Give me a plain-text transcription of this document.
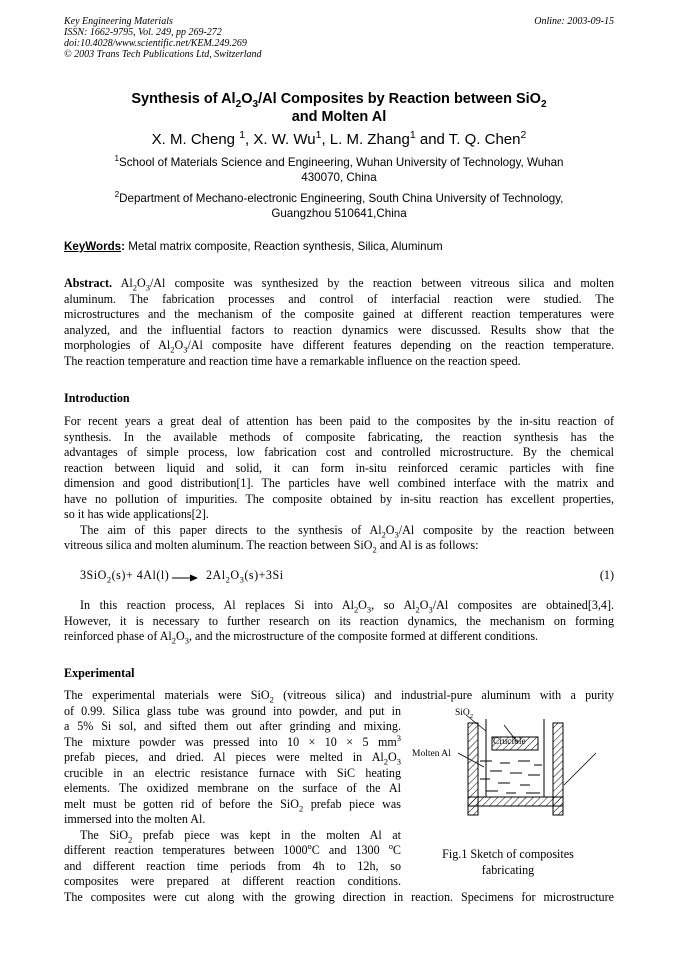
Key Engineering Materials
ISSN: 1662-9795, Vol. 249, pp 269-272
doi:10.4028/www.scientific.net/KEM.249.269
© 2003 Trans Tech Publications Ltd, Switzerland
Online: 2003-09-15
Synthesis of $Al_2O_3/Al$ Composites by Reaction between SiO$_2$
and Molten Al
X. M. Cheng $^1$, X. W. Wu$^1$, L. M. Zhang$^1$ and T. Q. Chen$^2$
$^1$School of Materials Science and Engineering, Wuhan University of Technology, Wuhan
430070, China
$^2$Department of Mechano-electronic Engineering, South China University of Technology,
Guangzhou 510641,China
KeyWords: Metal matrix composite, Reaction synthesis, Silica, Aluminum
Abstract. $Al_2O_3/Al$ composite was synthesized by the reaction between vitreous silica and molten
aluminum. The fabrication processes and control of interfacial reaction were studied. The
microstructures and the mechanism of the composite gained at different reaction temperatures were
analyzed, and the influential factors to reaction dynamics were discussed. Results show that the
morphologies of $Al_2O_3/Al$ composite have different features depending on the reaction temperature.
The reaction temperature and reaction time have a remarkable influence on the reaction speed.
Introduction
For recent years a great deal of attention has been paid to the composites by the in-situ reaction of
synthesis. In the available methods of composite fabricating, the reaction synthesis has the
advantages of simple process, low fabrication cost and controlled microstructure. By the chemical
reaction between liquid and solid, it can form in-situ reinforced ceramic particles with fine
dimension and good distribution[1]. The particles have well combined interface with the matrix and
have no pollution of impurities. The composite obtained by in-situ reaction has excellent properties,
so it has wide applications[2].
The aim of this paper directs to the synthesis of $Al_2O_3/Al$ composite by the reaction between
vitreous silica and molten aluminum. The reaction between SiO$_2$ and Al is as follows:
$3SiO_2(s)+ 4Al(l) \to 2Al_2O_3(s)+3Si$	(1)
In this reaction process, Al replaces Si into $Al_2O_3$, so $Al_2O_3/Al$ composites are obtained[3,4].
However, it is necessary to further research on its reaction dynamics, the mechanism on forming
reinforced phase of $Al_2O_3$, and the microstructure of the composite formed at different conditions.
Experimental
The experimental materials were SiO$_2$ (vitreous silica) and industrial-pure aluminum with a purity
of 0.99. Silica glass tube was ground into powder, and put in
a 5% Si sol, and sifted them out after grinding and mixing.
The mixture powder was pressed into 10 × 10 × 5 $mm^3$
prefab pieces, and dried. Al pieces were melted in $Al_2O_3$
crucible in an electric resistance furnace with SiC heating
elements. The oxidized membrane on the surface of the Al
melt must be gotten rid of before the SiO$_2$ prefab piece was
immersed into the molten Al.
The SiO$_2$ prefab piece was kept in the molten Al at
different reaction temperatures between 1000$^o$C and 1300 $^o$C
and different reaction time periods from 4h to 12h, so
composites were prepared at different reaction conditions.
The composites were cut along with the growing direction in reaction. Specimens for microstructure
SiO$_2$
Molten Al
Crucible
Fig.1 Sketch of composites
fabricating
